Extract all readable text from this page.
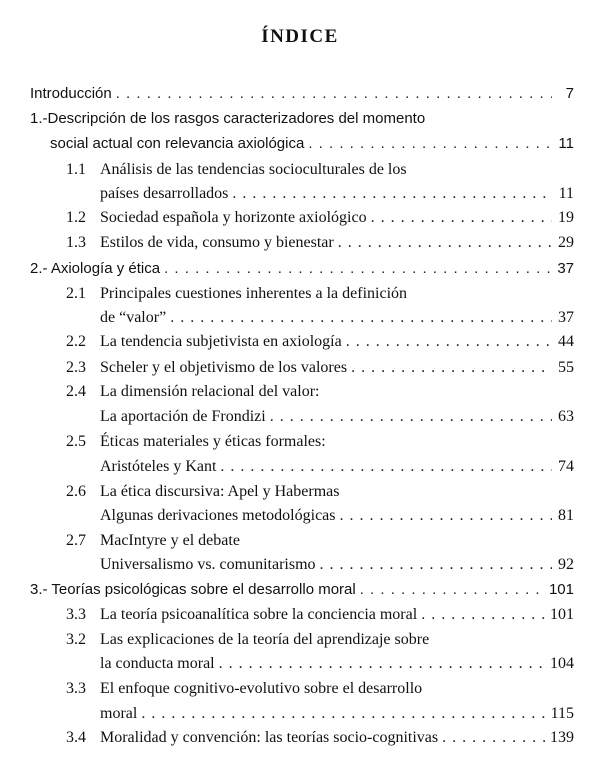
ÍNDICE
Introducción . . .	7
1.-Descripción de los rasgos caracterizadores del momento
social actual con relevancia axiológica . . .	11
1.1 Análisis de las tendencias socioculturales de los
países desarrollados . . .	11
1.2 Sociedad española y horizonte axiológico . . .	19
1.3 Estilos de vida, consumo y bienestar . . .	29
2.- Axiología y ética . . .	37
2.1 Principales cuestiones inherentes a la definición
de “valor” . . .	37
2.2 La tendencia subjetivista en axiología . . .	44
2.3 Scheler y el objetivismo de los valores . . .	55
2.4 La dimensión relacional del valor:
La aportación de Frondizi . . .	63
2.5 Éticas materiales y éticas formales:
Aristóteles y Kant . . .	74
2.6 La ética discursiva: Apel y Habermas
Algunas derivaciones metodológicas . . .	81
2.7 MacIntyre y el debate
Universalismo vs. comunitarismo . . .	92
3.- Teorías psicológicas sobre el desarrollo moral . . .	101
3.3 La teoría psicoanalítica sobre la conciencia moral . . .	101
3.2 Las explicaciones de la teoría del aprendizaje sobre
la conducta moral . . .	104
3.3 El enfoque cognitivo-evolutivo sobre el desarrollo
moral . . .	115
3.4 Moralidad y convención: las teorías socio-cognitivas . . .	139
